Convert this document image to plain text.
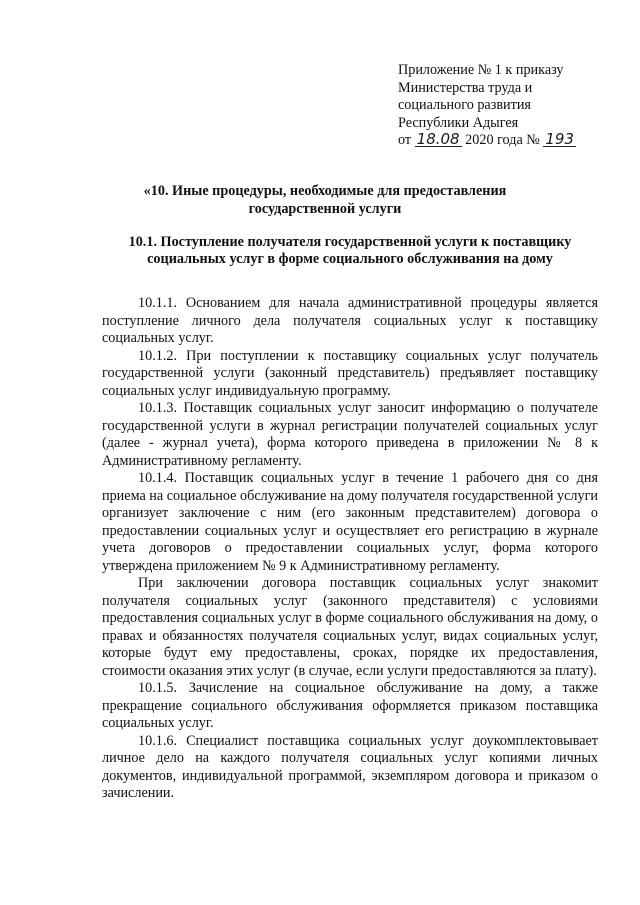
Приложение № 1 к приказу
Министерства труда и
социального развития
Республики Адыгея
от 18.08 2020 года № 193
«10. Иные процедуры, необходимые для предоставления государственной услуги
10.1. Поступление получателя государственной услуги к поставщику социальных услуг в форме социального обслуживания на дому

10.1.1. Основанием для начала административной процедуры является поступление личного дела получателя социальных услуг к поставщику социальных услуг.

10.1.2. При поступлении к поставщику социальных услуг получатель государственной услуги (законный представитель) предъявляет поставщику социальных услуг индивидуальную программу.

10.1.3. Поставщик социальных услуг заносит информацию о получателе государственной услуги в журнал регистрации получателей социальных услуг (далее - журнал учета), форма которого приведена в приложении № 8 к Административному регламенту.

10.1.4. Поставщик социальных услуг в течение 1 рабочего дня со дня приема на социальное обслуживание на дому получателя государственной услуги организует заключение с ним (его законным представителем) договора о предоставлении социальных услуг и осуществляет его регистрацию в журнале учета договоров о предоставлении социальных услуг, форма которого утверждена приложением № 9 к Административному регламенту.

При заключении договора поставщик социальных услуг знакомит получателя социальных услуг (законного представителя) с условиями предоставления социальных услуг в форме социального обслуживания на дому, о правах и обязанностях получателя социальных услуг, видах социальных услуг, которые будут ему предоставлены, сроках, порядке их предоставления, стоимости оказания этих услуг (в случае, если услуги предоставляются за плату).

10.1.5. Зачисление на социальное обслуживание на дому, а также прекращение социального обслуживания оформляется приказом поставщика социальных услуг.

10.1.6. Специалист поставщика социальных услуг доукомплектовывает личное дело на каждого получателя социальных услуг копиями личных документов, индивидуальной программой, экземпляром договора и приказом о зачислении.
